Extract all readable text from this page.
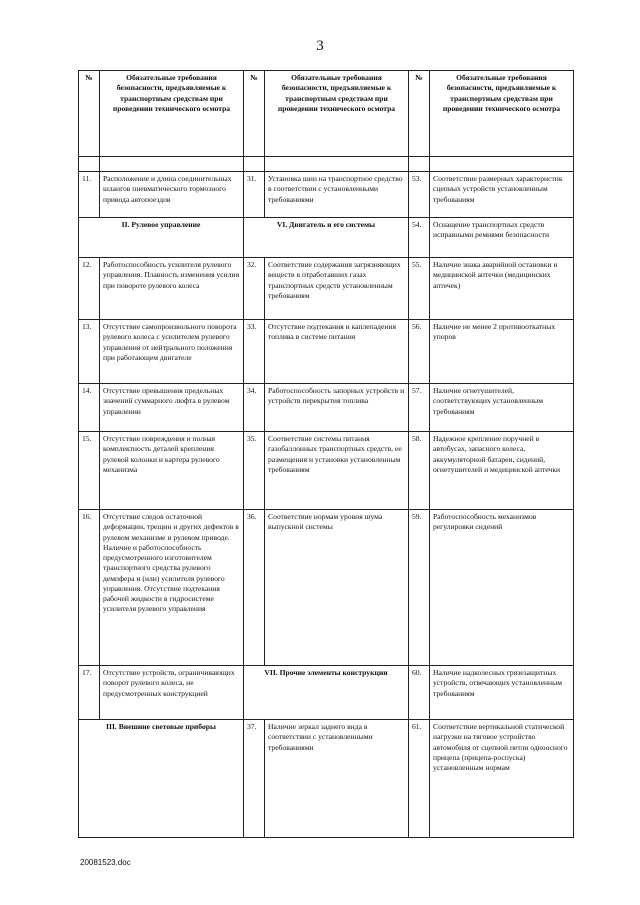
3
№	Обязательные требования безопасности, предъявляемые к транспортным средствам при проведении технического осмотра	№	Обязательные требования безопасности, предъявляемые к транспортным средствам при проведении технического осмотра	№	Обязательные требования безопасности, предъявляемые к транспортным средствам при проведении технического осмотра

11.	Расположение и длина соединительных шлангов пневматического тормозного привода автопоездов	31.	Установка шин на транспортное средство в соответствии с установленными требованиями	53.	Соответствие размерных характеристик сцепных устройств установленным требованиям
II. Рулевое управление		VI. Двигатель и его системы		54.	Оснащение транспортных средств исправными ремнями безопасности
12.	Работоспособность усилителя рулевого управления. Плавность изменения усилия при повороте рулевого колеса	32.	Соответствие содержания загрязняющих веществ в отработавших газах транспортных средств установленным требованиям	55.	Наличие знака аварийной остановки и медицинской аптечки (медицинских аптечек)
13.	Отсутствие самопроизвольного поворота рулевого колеса с усилителем рулевого управления от нейтрального положения при работающем двигателе	33.	Отсутствие подтекания и каплепадения топлива в системе питания	56.	Наличие не менее 2 противооткатных упоров
14.	Отсутствие превышения предельных значений суммарного люфта в рулевом управлении	34.	Работоспособность запорных устройств и устройств перекрытия топлива	57.	Наличие огнетушителей, соответствующих установленным требованиям
15.	Отсутствие повреждения и полная комплектность деталей крепления рулевой колонки и картера рулевого механизма	35.	Соответствие системы питания газобаллонных транспортных средств, ее размещения и установки установленным требованиям	58.	Надежное крепление поручней в автобусах, запасного колеса, аккумуляторной батареи, сидений, огнетушителей и медицинской аптечки
16.	Отсутствие следов остаточной деформации, трещин и других дефектов в рулевом механизме и рулевом приводе. Наличие и работоспособность предусмотренного изготовителем транспортного средства рулевого демпфера и (или) усилителя рулевого управления. Отсутствие подтекания рабочей жидкости в гидросистеме усилителя рулевого управления	36.	Соответствие нормам уровня шума выпускной системы	59.	Работоспособность механизмов регулировки сидений
17.	Отсутствие устройств, ограничивающих поворот рулевого колеса, не предусмотренных конструкцией	VII. Прочие элементы конструкции		60.	Наличие надколесных грязезащитных устройств, отвечающих установленным требованиям
III. Внешние световые приборы		37.	Наличие зеркал заднего вида в соответствии с установленными требованиями	61.	Соответствие вертикальной статической нагрузки на тяговое устройство автомобиля от сцепной петли одноосного прицепа (прицепа-роспуска) установленным нормам
20081523.doc
